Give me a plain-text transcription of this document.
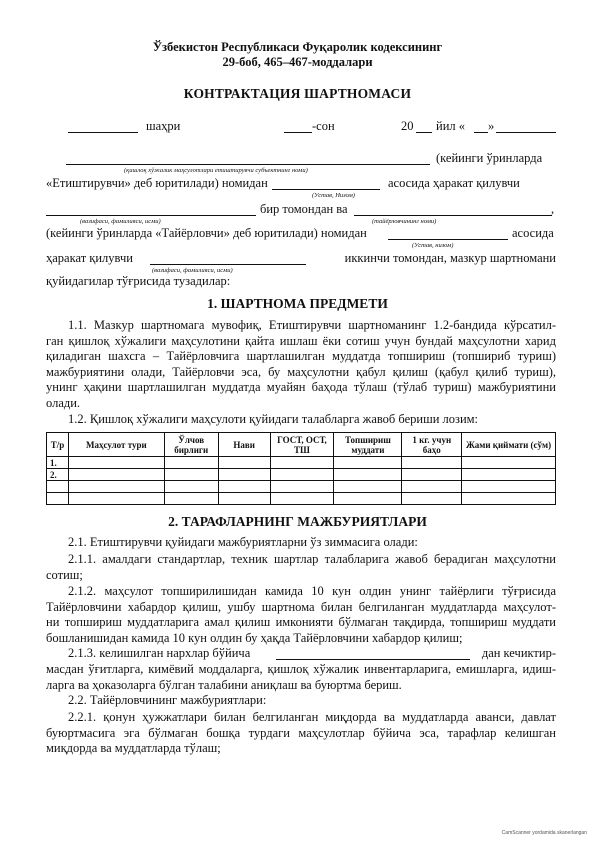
Ўзбекистон Республикаси Фуқаролик кодексининг
29-боб, 465–467-моддалари
КОНТРАКТАЦИЯ ШАРТНОМАСИ
шаҳри	-сон	20 йил « »
(кейинги ўринларда
(қишлоқ хўжалик маҳсулотлари етиштирувчи субъектнинг номи)
«Етиштирувчи» деб юритилади) номидан	асосида ҳаракат қилувчи
(Устав, Низом)
бир томондан ва	,
(вазифаси, фамилияси, исми)	(тайёрловчининг номи)
(кейинги ўринларда «Тайёрловчи» деб юритилади) номидан	асосида
(Устав, низом)
ҳаракат қилувчи	иккинчи томондан, мазкур шартномани
(вазифаси, фамилияси, исми)
қуйидагилар тўғрисида тузадилар:
1. ШАРТНОМА ПРЕДМЕТИ
1.1. Мазкур шартномага мувофиқ, Етиштирувчи шартноманинг 1.2-бандида кўрсатил-
ган қишлоқ хўжалиги маҳсулотини қайта ишлаш ёки сотиш учун бундай маҳсулотни харид
қиладиган шахсга – Тайёрловчига шартлашилган муддатда топшириш (топшириб туриш)
мажбуриятини олади, Тайёрловчи эса, бу маҳсулотни қабул қилиш (қабул қилиб туриш),
унинг ҳақини шартлашилган муддатда муайян баҳода тўлаш (тўлаб туриш) мажбуриятини
олади.
1.2. Қишлоқ хўжалиги маҳсулоти қуйидаги талабларга жавоб бериши лозим:
Т/р	Маҳсулот тури	Ўлчов бирлиги	Нави	ГОСТ, ОСТ, ТШ	Топшириш муддати	1 кг. учун баҳо	Жами қиймати (сўм)
1.							
2.							

2. ТАРАФЛАРНИНГ МАЖБУРИЯТЛАРИ
2.1. Етиштирувчи қуйидаги мажбуриятларни ўз зиммасига олади:
2.1.1. амалдаги стандартлар, техник шартлар талабларига жавоб берадиган маҳсулотни
сотиш;
2.1.2. маҳсулот топширилишидан камида 10 кун олдин унинг тайёрлиги тўғрисида
Тайёрловчини хабардор қилиш, ушбу шартнома билан белгиланган муддатларда маҳсулот-
ни топшириш муддатларига амал қилиш имконияти бўлмаган тақдирда, топшириш муддати
бошланишидан камида 10 кун олдин бу ҳақда Тайёрловчини хабардор қилиш;
2.1.3. келишилган нархлар бўйича	дан кечиктир-
масдан ўғитларга, кимёвий моддаларга, қишлоқ хўжалик инвентарларига, емишларга, идиш-
ларга ва ҳоказоларга бўлган талабини аниқлаш ва буюртма бериш.
2.2. Тайёрловчининг мажбуриятлари:
2.2.1. қонун ҳужжатлари билан белгиланган миқдорда ва муддатларда аванси, давлат
буюртмасига эга бўлмаган бошқа турдаги маҳсулотлар бўйича эса, тарафлар келишган
миқдорда ва муддатларда тўлаш;
CamScanner yordamida skanerlangan
